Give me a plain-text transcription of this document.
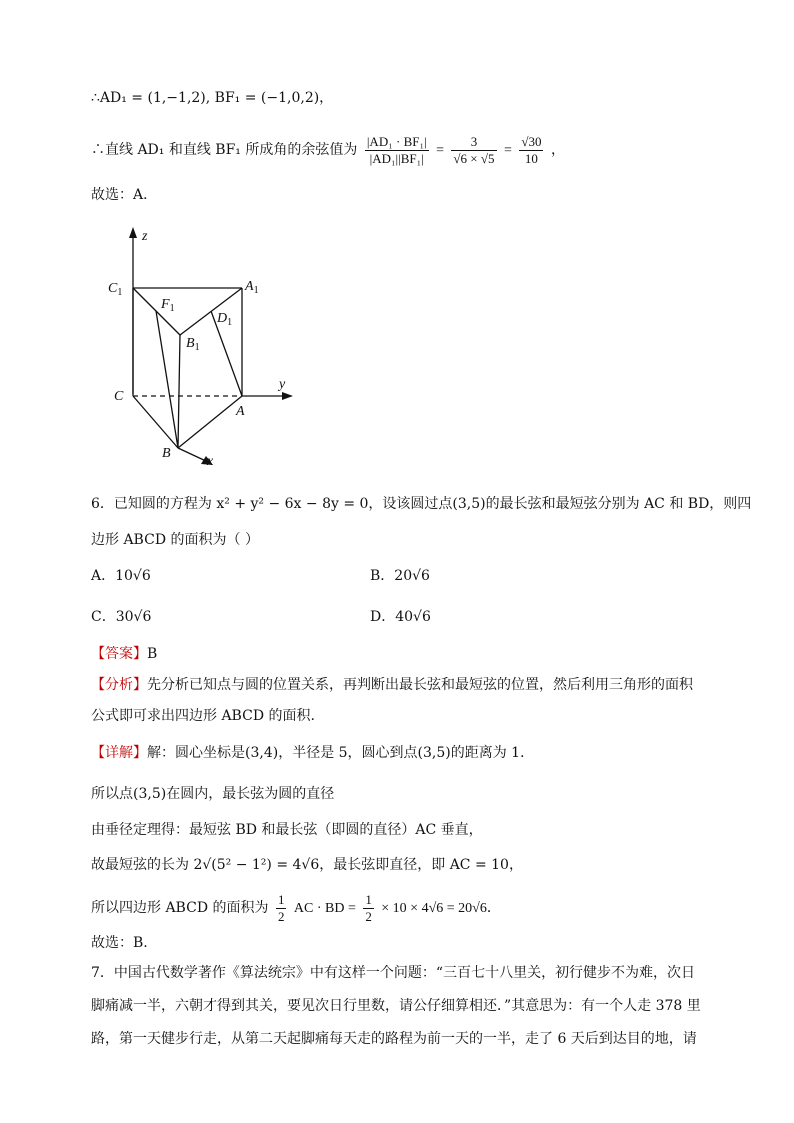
∴AD₁ = (1,−1,2), BF₁ = (−1,0,2)，
∴直线 AD₁ 和直线 BF₁ 所成角的余弦值为 $\frac{\text{|AD₁ · BF₁|}}{\text{|AD₁||BF₁|}} = \frac{3}{√6 \times √5} = \frac{√30}{10}$ ，
故选：A．
z
y
x
$C_1$	$A_1$
$F_1$
$D_1$
$B_1$
C
A
B
6．已知圆的方程为 x² + y² − 6x − 8y = 0，设该圆过点(3,5)的最长弦和最短弦分别为 AC 和 BD，则四
边形 ABCD 的面积为（ ）
A．10√6	B．20√6
C．30√6	D．40√6
【答案】B
【分析】先分析已知点与圆的位置关系，再判断出最长弦和最短弦的位置，然后利用三角形的面积
公式即可求出四边形 ABCD 的面积.
【详解】解：圆心坐标是(3,4)，半径是 5，圆心到点(3,5)的距离为 1．
所以点(3,5)在圆内，最长弦为圆的直径
由垂径定理得：最短弦 BD 和最长弦（即圆的直径）AC 垂直，
故最短弦的长为 2√(5² − 1²) = 4√6，最长弦即直径，即 AC = 10，
所以四边形 ABCD 的面积为 $\frac{1}{2}$ AC · BD = $\frac{1}{2} \times 10 \times 4√6 = 20√6$．
故选：B.
7．中国古代数学著作《算法统宗》中有这样一个问题：“三百七十八里关，初行健步不为难，次日
脚痛减一半，六朝才得到其关，要见次日行里数，请公仔细算相还．”其意思为：有一个人走 378 里
路，第一天健步行走，从第二天起脚痛每天走的路程为前一天的一半，走了 6 天后到达目的地，请
